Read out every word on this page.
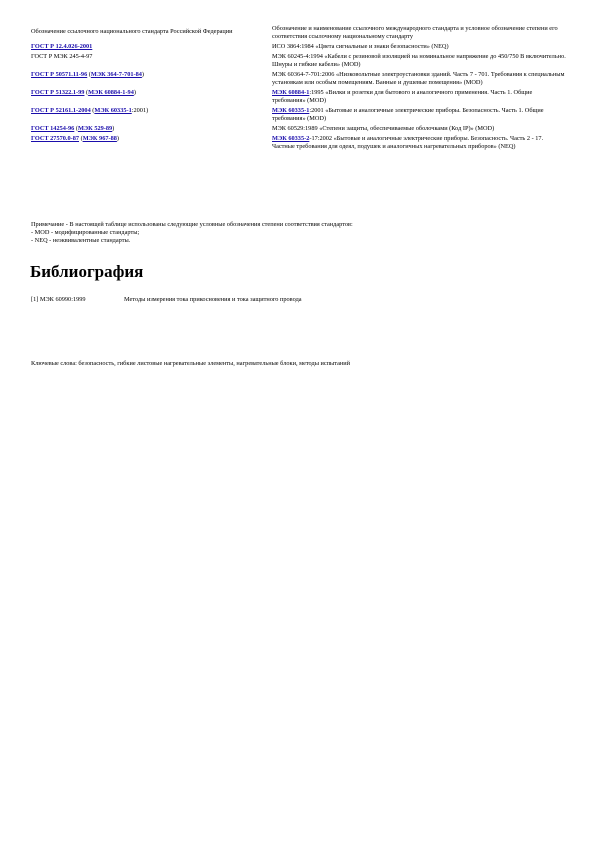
Обозначение ссылочного национального стандарта Российской Федерации	Обозначение и наименование ссылочного международного стандарта и условное обозначение степени его соответствия ссылочному национальному стандарту
ГОСТ Р 12.4.026-2001	ИСО 3864:1984 «Цвета сигнальные и знаки безопасности» (NEQ)
ГОСТ Р МЭК 245-4-97	МЭК 60245-4:1994 «Кабели с резиновой изоляцией на номинальное напряжение до 450/750 В включительно. Шнуры и гибкие кабели» (MOD)
ГОСТ Р 50571.11-96 (МЭК 364-7-701-84)	МЭК 60364-7-701:2006 «Низковольтные электроустановки зданий. Часть 7 - 701. Требования к специальным установкам или особым помещениям. Ванные и душевые помещения» (MOD)
ГОСТ Р 51322.1-99 (МЭК 60884-1-94)	МЭК 60884-1:1995 «Вилки и розетки для бытового и аналогичного применения. Часть 1. Общие требования» (MOD)
ГОСТ Р 52161.1-2004 (МЭК 60335-1:2001)	МЭК 60335-1:2001 «Бытовые и аналогичные электрические приборы. Безопасность. Часть 1. Общие требования» (MOD)
ГОСТ 14254-96 (МЭК 529-89)	МЭК 60529:1989 «Степени защиты, обеспечиваемые оболочками (Код IP)» (MOD)
ГОСТ 27570.0-87 (МЭК 967-88)	МЭК 60335-2-17:2002 «Бытовые и аналогичные электрические приборы. Безопасность. Часть 2 - 17. Частные требования для одеял, подушек и аналогичных нагревательных приборов» (NEQ)
Примечание - В настоящей таблице использованы следующие условные обозначения степени соответствия стандартов:
- MOD - модифицированные стандарты;
- NEQ - неэквивалентные стандарты.
Библиография
[1] МЭК 60990:1999	Методы измерения тока прикосновения и тока защитного провода
Ключевые слова: безопасность, гибкие листовые нагревательные элементы, нагревательные блоки, методы испытаний
